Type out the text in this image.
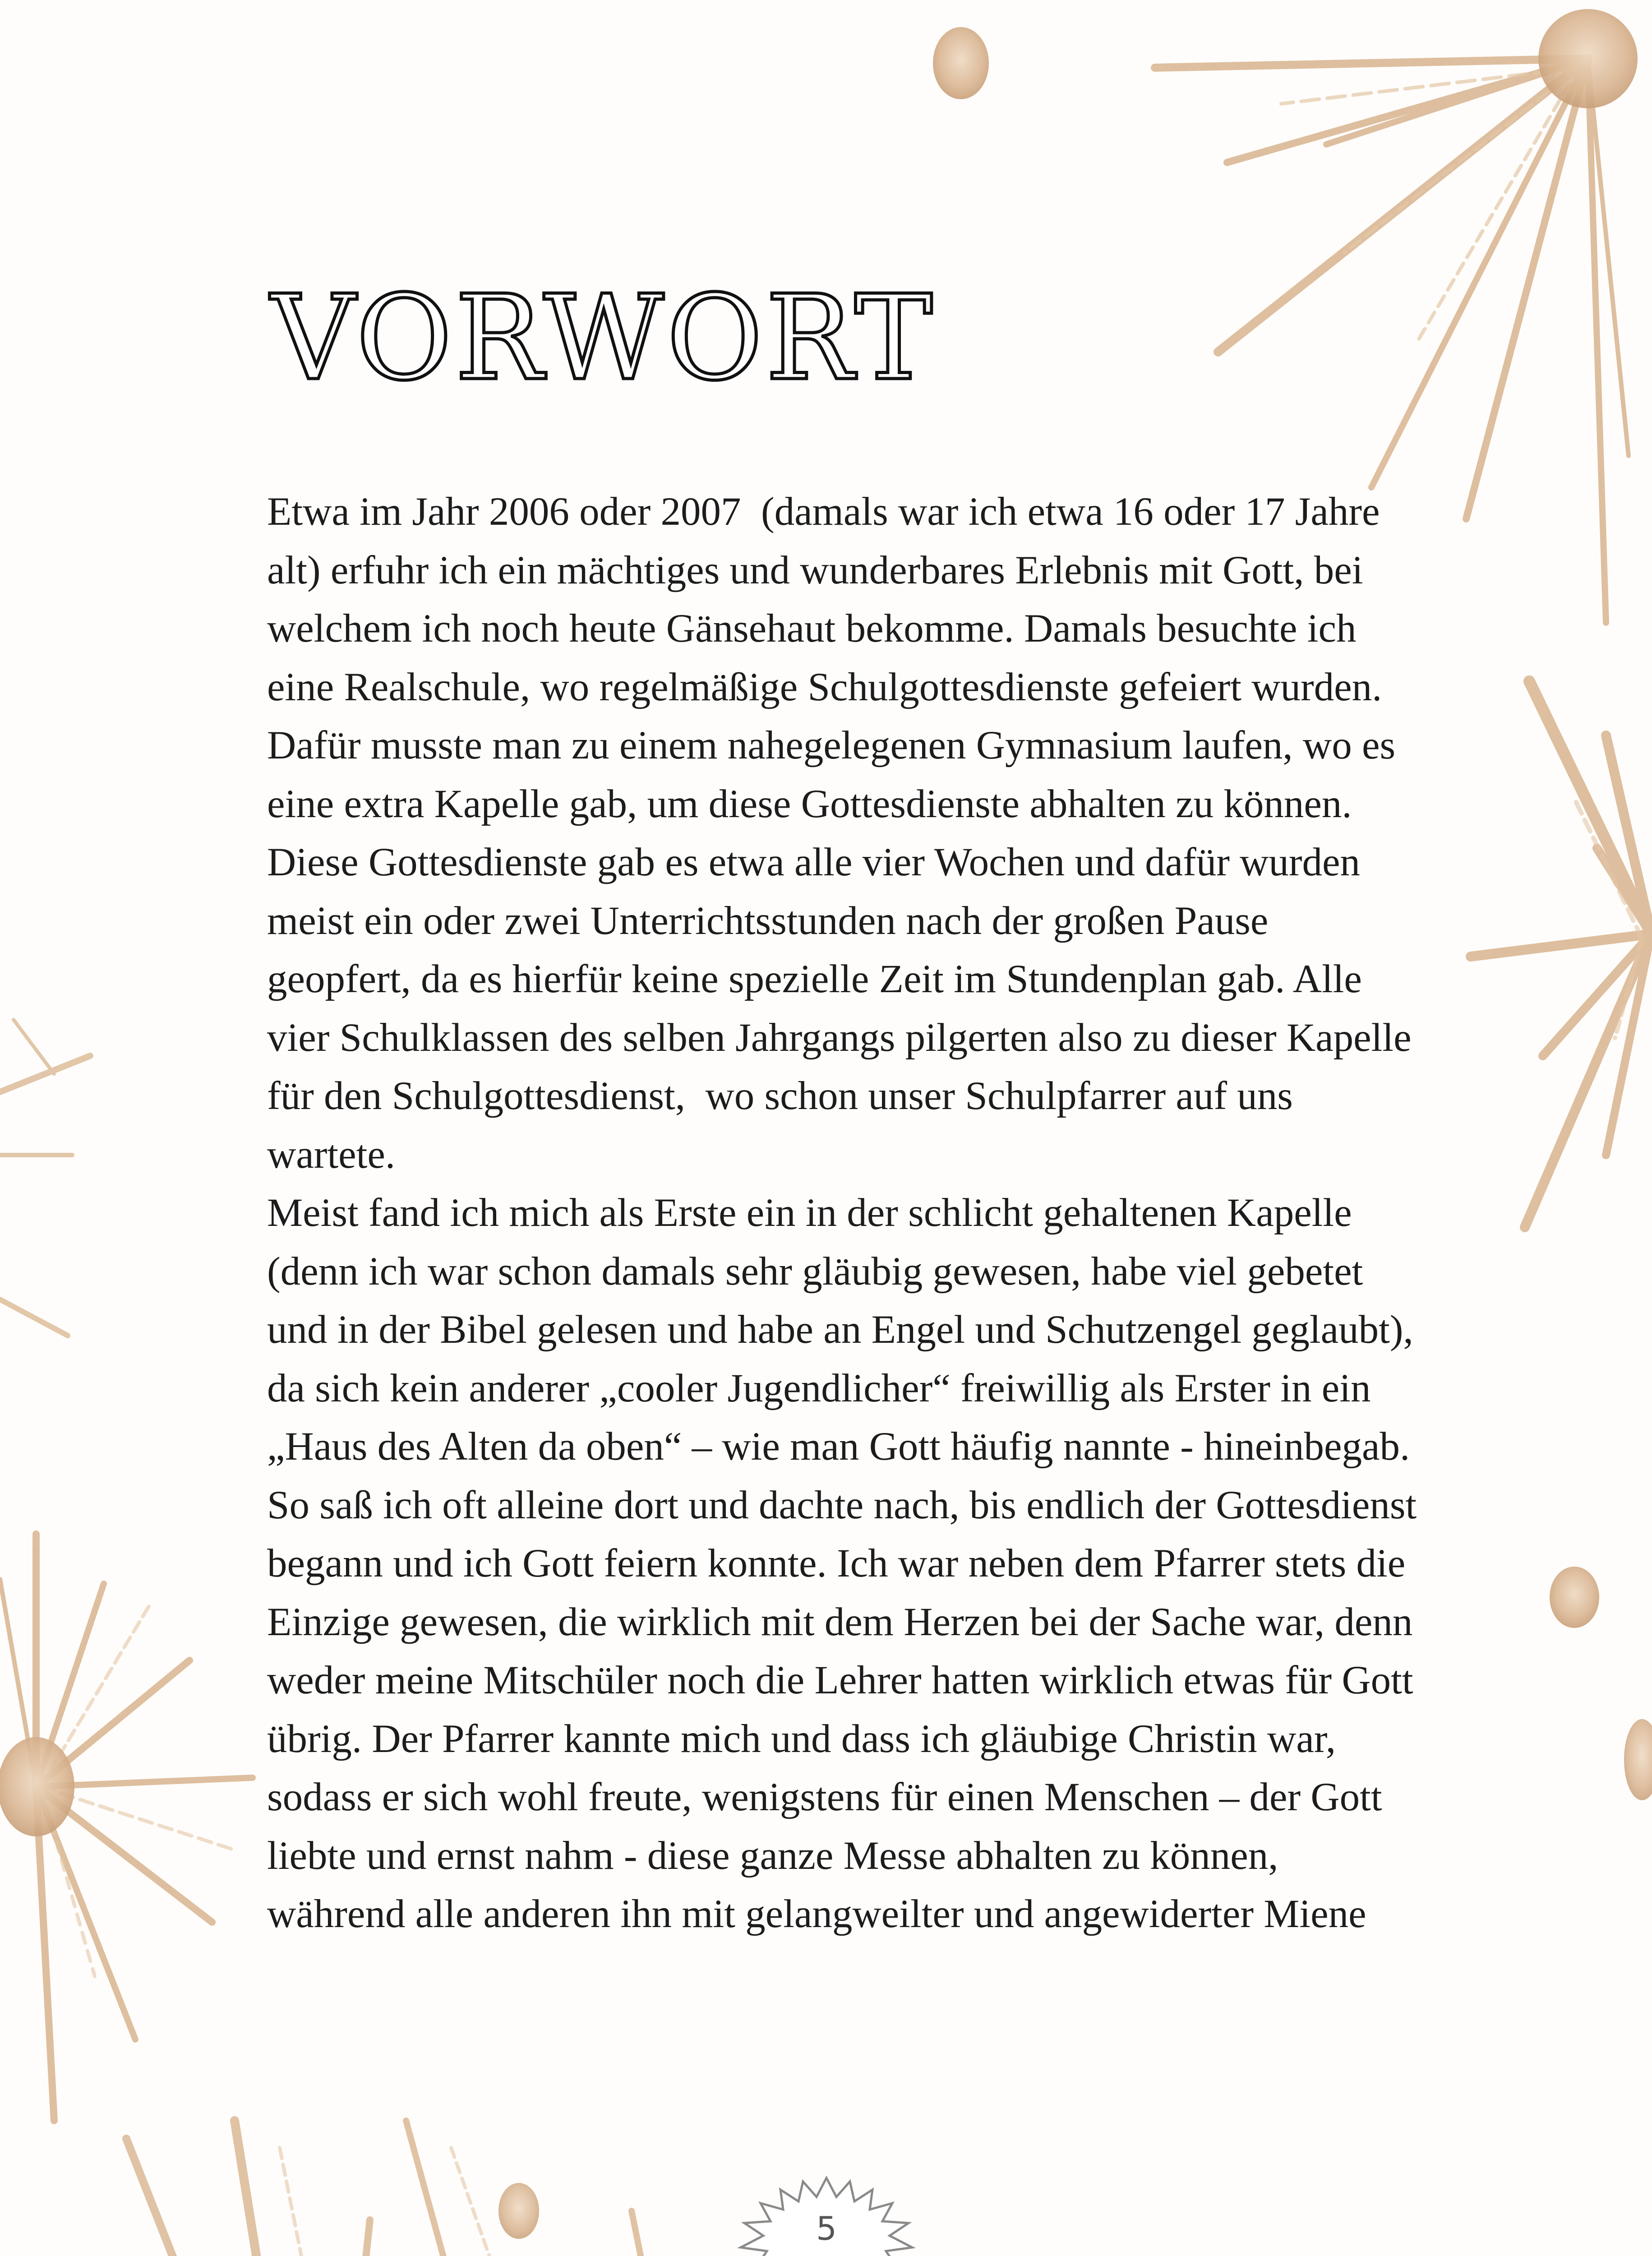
VORWORT

Etwa im Jahr 2006 oder 2007  (damals war ich etwa 16 oder 17 Jahre alt) erfuhr ich ein mächtiges und wunderbares Erlebnis mit Gott, bei welchem ich noch heute Gänsehaut bekomme. Damals besuchte ich eine Realschule, wo regelmäßige Schulgottesdienste gefeiert wurden. Dafür musste man zu einem nahegelegenen Gymnasium laufen, wo es eine extra Kapelle gab, um diese Gottesdienste abhalten zu können. Diese Gottesdienste gab es etwa alle vier Wochen und dafür wurden meist ein oder zwei Unterrichtsstunden nach der großen Pause geopfert, da es hierfür keine spezielle Zeit im Stundenplan gab. Alle vier Schulklassen des selben Jahrgangs pilgerten also zu dieser Kapelle für den Schulgottesdienst,  wo schon unser Schulpfarrer auf uns wartete.

Meist fand ich mich als Erste ein in der schlicht gehaltenen Kapelle (denn ich war schon damals sehr gläubig gewesen, habe viel gebetet und in der Bibel gelesen und habe an Engel und Schutzengel geglaubt), da sich kein anderer „cooler Jugendlicher“ freiwillig als Erster in ein „Haus des Alten da oben“ – wie man Gott häufig nannte - hineinbegab. So saß ich oft alleine dort und dachte nach, bis endlich der Gottesdienst begann und ich Gott feiern konnte. Ich war neben dem Pfarrer stets die Einzige gewesen, die wirklich mit dem Herzen bei der Sache war, denn weder meine Mitschüler noch die Lehrer hatten wirklich etwas für Gott übrig. Der Pfarrer kannte mich und dass ich gläubige Christin war, sodass er sich wohl freute, wenigstens für einen Menschen – der Gott liebte und ernst nahm - diese ganze Messe abhalten zu können, während alle anderen ihn mit gelangweilter und angewiderter Miene

5
